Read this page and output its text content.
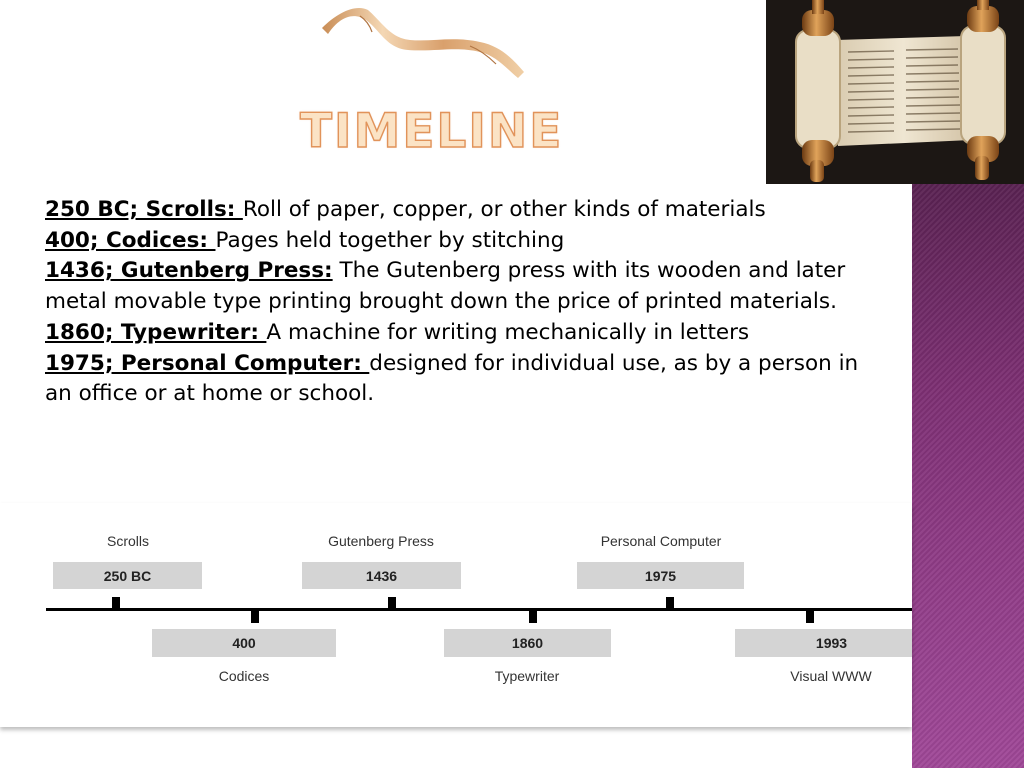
TIMELINE
250 BC; Scrolls: Roll of paper, copper, or other kinds of materials
400; Codices: Pages held together by stitching
1436; Gutenberg Press: The Gutenberg press with its wooden and later metal movable type printing brought down the price of printed materials.
1860; Typewriter: A machine for writing mechanically in letters
1975; Personal Computer: designed for individual use, as by a person in an office or at home or school.
250 BC
Scrolls
400
Codices
1436
Gutenberg Press
1860
Typewriter
1975
Personal Computer
1993
Visual WWW
